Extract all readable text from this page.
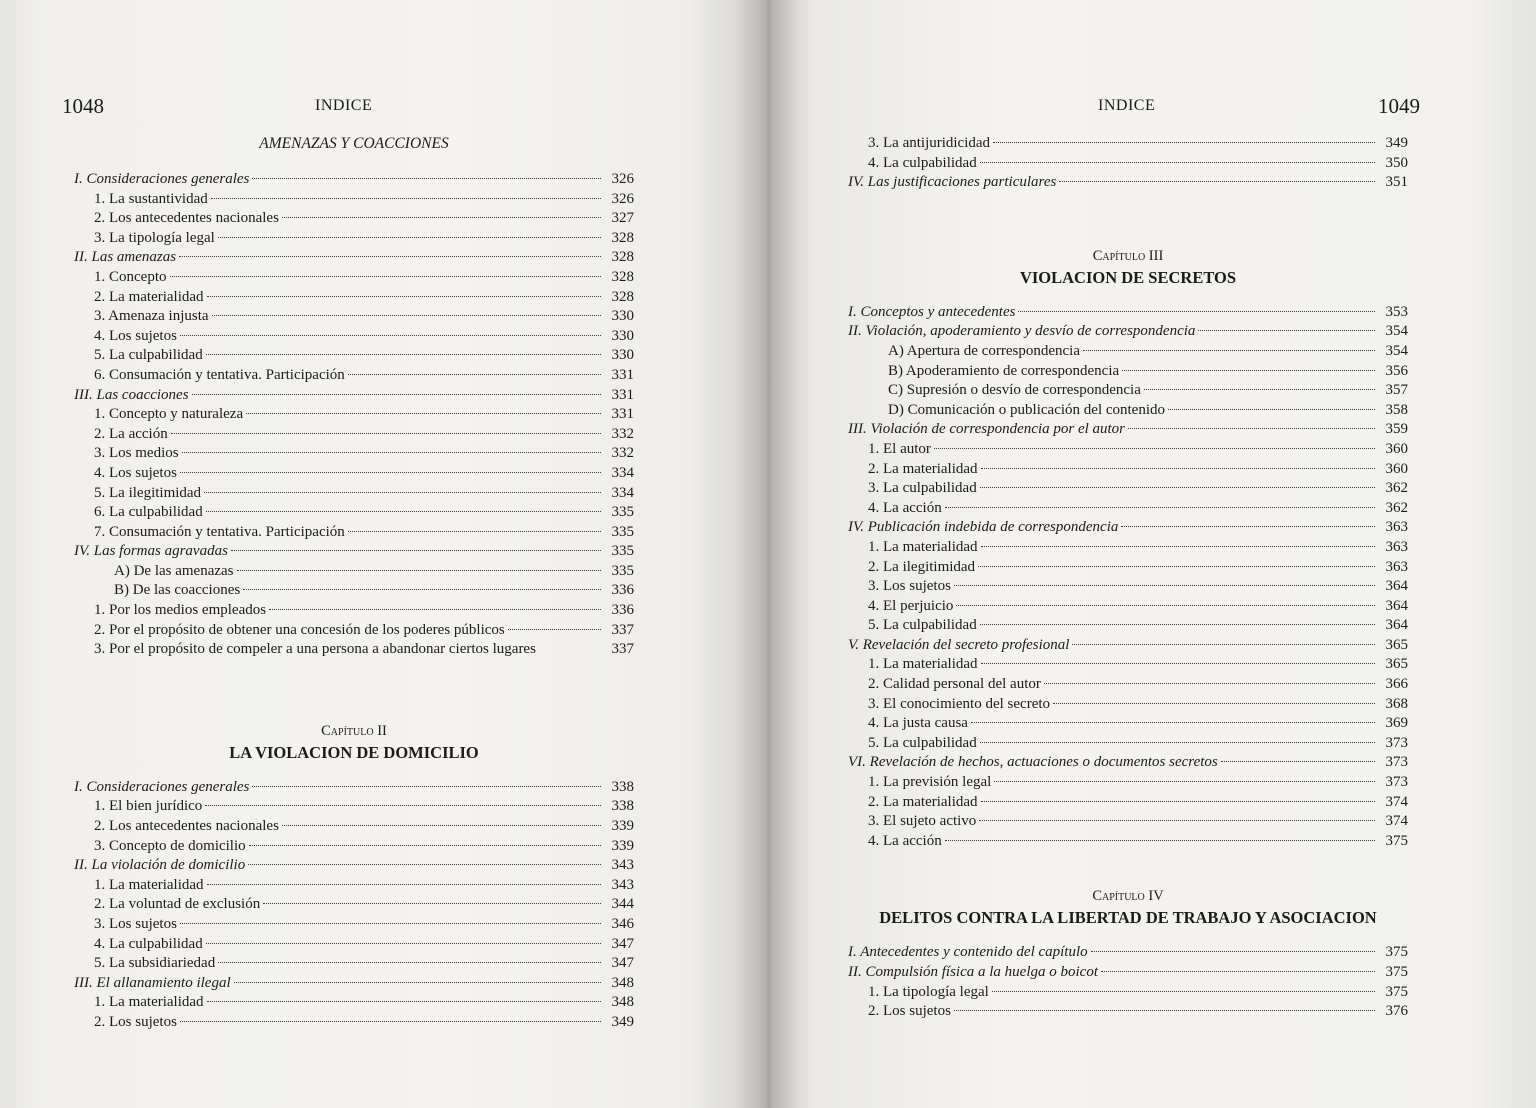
1048	INDICE
AMENAZAS Y COACCIONES
I. Consideraciones generales	326
1. La sustantividad	326
2. Los antecedentes nacionales	327
3. La tipología legal	328
II. Las amenazas	328
1. Concepto	328
2. La materialidad	328
3. Amenaza injusta	330
4. Los sujetos	330
5. La culpabilidad	330
6. Consumación y tentativa. Participación	331
III. Las coacciones	331
1. Concepto y naturaleza	331
2. La acción	332
3. Los medios	332
4. Los sujetos	334
5. La ilegitimidad	334
6. La culpabilidad	335
7. Consumación y tentativa. Participación	335
IV. Las formas agravadas	335
A) De las amenazas	335
B) De las coacciones	336
1. Por los medios empleados	336
2. Por el propósito de obtener una concesión de los poderes públicos	337
3. Por el propósito de compeler a una persona a abandonar ciertos lugares	337
Capítulo II
LA VIOLACION DE DOMICILIO
I. Consideraciones generales	338
1. El bien jurídico	338
2. Los antecedentes nacionales	339
3. Concepto de domicilio	339
II. La violación de domicilio	343
1. La materialidad	343
2. La voluntad de exclusión	344
3. Los sujetos	346
4. La culpabilidad	347
5. La subsidiariedad	347
III. El allanamiento ilegal	348
1. La materialidad	348
2. Los sujetos	349
INDICE	1049
3. La antijuridicidad	349
4. La culpabilidad	350
IV. Las justificaciones particulares	351
Capítulo III
VIOLACION DE SECRETOS
I. Conceptos y antecedentes	353
II. Violación, apoderamiento y desvío de correspondencia	354
A) Apertura de correspondencia	354
B) Apoderamiento de correspondencia	356
C) Supresión o desvío de correspondencia	357
D) Comunicación o publicación del contenido	358
III. Violación de correspondencia por el autor	359
1. El autor	360
2. La materialidad	360
3. La culpabilidad	362
4. La acción	362
IV. Publicación indebida de correspondencia	363
1. La materialidad	363
2. La ilegitimidad	363
3. Los sujetos	364
4. El perjuicio	364
5. La culpabilidad	364
V. Revelación del secreto profesional	365
1. La materialidad	365
2. Calidad personal del autor	366
3. El conocimiento del secreto	368
4. La justa causa	369
5. La culpabilidad	373
VI. Revelación de hechos, actuaciones o documentos secretos	373
1. La previsión legal	373
2. La materialidad	374
3. El sujeto activo	374
4. La acción	375
Capítulo IV
DELITOS CONTRA LA LIBERTAD DE TRABAJO Y ASOCIACION
I. Antecedentes y contenido del capítulo	375
II. Compulsión física a la huelga o boicot	375
1. La tipología legal	375
2. Los sujetos	376
